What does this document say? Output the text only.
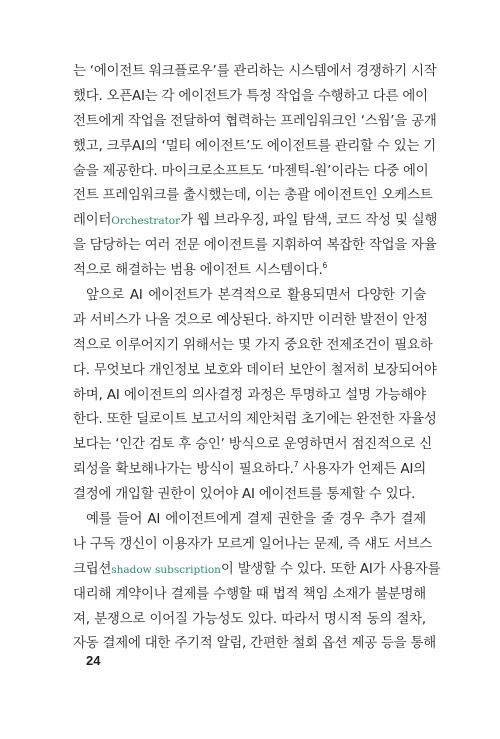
는 ‘에이전트 워크플로우’를 관리하는 시스템에서 경쟁하기 시작
했다. 오픈AI는 각 에이전트가 특정 작업을 수행하고 다른 에이
전트에게 작업을 전달하여 협력하는 프레임워크인 ‘스웜’을 공개
했고, 크루AI의 ‘멀티 에이전트’도 에이전트를 관리할 수 있는 기
술을 제공한다. 마이크로소프트도 ‘마젠틱-원’이라는 다중 에이
전트 프레임워크를 출시했는데, 이는 총괄 에이전트인 오케스트
레이터Orchestrator가 웹 브라우징, 파일 탐색, 코드 작성 및 실행
을 담당하는 여러 전문 에이전트를 지휘하여 복잡한 작업을 자율
적으로 해결하는 범용 에이전트 시스템이다.$^6$
앞으로 AI 에이전트가 본격적으로 활용되면서 다양한 기술
과 서비스가 나올 것으로 예상된다. 하지만 이러한 발전이 안정
적으로 이루어지기 위해서는 몇 가지 중요한 전제조건이 필요하
다. 무엇보다 개인정보 보호와 데이터 보안이 철저히 보장되어야
하며, AI 에이전트의 의사결정 과정은 투명하고 설명 가능해야
한다. 또한 딜로이트 보고서의 제안처럼 초기에는 완전한 자율성
보다는 ‘인간 검토 후 승인’ 방식으로 운영하면서 점진적으로 신
뢰성을 확보해나가는 방식이 필요하다.$^7$ 사용자가 언제든 AI의
결정에 개입할 권한이 있어야 AI 에이전트를 통제할 수 있다.
예를 들어 AI 에이전트에게 결제 권한을 줄 경우 추가 결제
나 구독 갱신이 이용자가 모르게 일어나는 문제, 즉 섀도 서브스
크립션shadow subscription이 발생할 수 있다. 또한 AI가 사용자를
대리해 계약이나 결제를 수행할 때 법적 책임 소재가 불분명해
져, 분쟁으로 이어질 가능성도 있다. 따라서 명시적 동의 절차,
자동 결제에 대한 주기적 알림, 간편한 철회 옵션 제공 등을 통해
24
